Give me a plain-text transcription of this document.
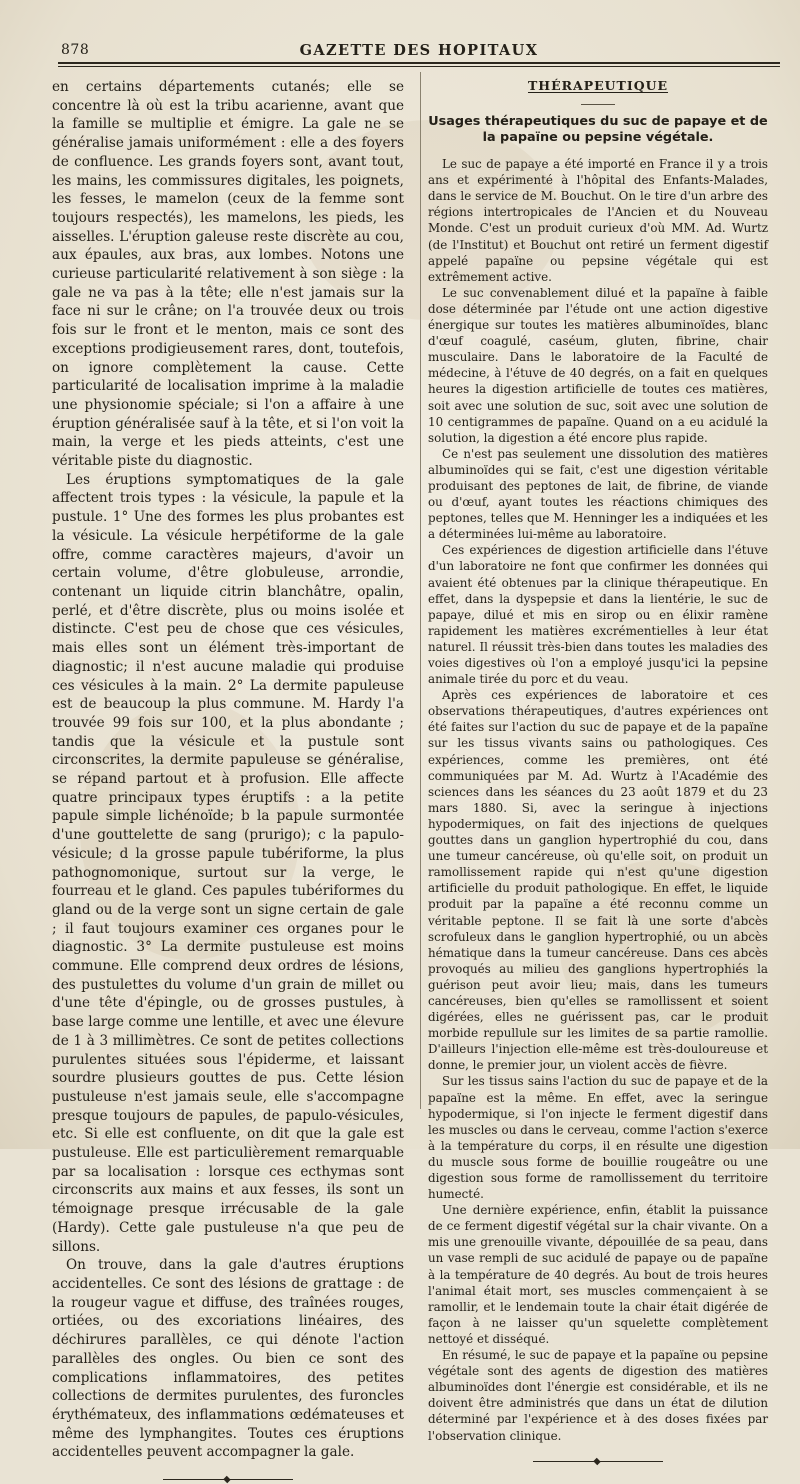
878	GAZETTE DES HOPITAUX

en certains départements cutanés; elle se concentre là où est la tribu acarienne, avant que la famille se multiplie et émigre. La gale ne se généralise jamais uniformément : elle a des foyers de confluence. Les grands foyers sont, avant tout, les mains, les commissures digitales, les poignets, les fesses, le mamelon (ceux de la femme sont toujours respectés), les mamelons, les pieds, les aisselles. L'éruption galeuse reste discrète au cou, aux épaules, aux bras, aux lombes. Notons une curieuse particularité relativement à son siège : la gale ne va pas à la tête; elle n'est jamais sur la face ni sur le crâne; on l'a trouvée deux ou trois fois sur le front et le menton, mais ce sont des exceptions prodigieusement rares, dont, toutefois, on ignore complètement la cause. Cette particularité de localisation imprime à la maladie une physionomie spéciale; si l'on a affaire à une éruption généralisée sauf à la tête, et si l'on voit la main, la verge et les pieds atteints, c'est une véritable piste du diagnostic.

Les éruptions symptomatiques de la gale affectent trois types : la vésicule, la papule et la pustule. 1° Une des formes les plus probantes est la vésicule. La vésicule herpétiforme de la gale offre, comme caractères majeurs, d'avoir un certain volume, d'être globuleuse, arrondie, contenant un liquide citrin blanchâtre, opalin, perlé, et d'être discrète, plus ou moins isolée et distincte. C'est peu de chose que ces vésicules, mais elles sont un élément très-important de diagnostic; il n'est aucune maladie qui produise ces vésicules à la main. 2° La dermite papuleuse est de beaucoup la plus commune. M. Hardy l'a trouvée 99 fois sur 100, et la plus abondante ; tandis que la vésicule et la pustule sont circonscrites, la dermite papuleuse se généralise, se répand partout et à profusion. Elle affecte quatre principaux types éruptifs : a la petite papule simple lichénoïde; b la papule surmontée d'une gouttelette de sang (prurigo); c la papulo-vésicule; d la grosse papule tubériforme, la plus pathognomonique, surtout sur la verge, le fourreau et le gland. Ces papules tubériformes du gland ou de la verge sont un signe certain de gale ; il faut toujours examiner ces organes pour le diagnostic. 3° La dermite pustuleuse est moins commune. Elle comprend deux ordres de lésions, des pustulettes du volume d'un grain de millet ou d'une tête d'épingle, ou de grosses pustules, à base large comme une lentille, et avec une élevure de 1 à 3 millimètres. Ce sont de petites collections purulentes situées sous l'épiderme, et laissant sourdre plusieurs gouttes de pus. Cette lésion pustuleuse n'est jamais seule, elle s'accompagne presque toujours de papules, de papulo-vésicules, etc. Si elle est confluente, on dit que la gale est pustuleuse. Elle est particulièrement remarquable par sa localisation : lorsque ces ecthymas sont circonscrits aux mains et aux fesses, ils sont un témoignage presque irrécusable de la gale (Hardy). Cette gale pustuleuse n'a que peu de sillons.

On trouve, dans la gale d'autres éruptions accidentelles. Ce sont des lésions de grattage : de la rougeur vague et diffuse, des traînées rouges, ortiées, ou des excoriations linéaires, des déchirures parallèles, ce qui dénote l'action parallèles des ongles. Ou bien ce sont des complications inflammatoires, des petites collections de dermites purulentes, des furoncles érythémateux, des inflammations œdémateuses et même des lymphangites. Toutes ces éruptions accidentelles peuvent accompagner la gale.

THÉRAPEUTIQUE
Usages thérapeutiques du suc de papaye et de la papaïne ou pepsine végétale.

Le suc de papaye a été importé en France il y a trois ans et expérimenté à l'hôpital des Enfants-Malades, dans le service de M. Bouchut. On le tire d'un arbre des régions intertropicales de l'Ancien et du Nouveau Monde. C'est un produit curieux d'où MM. Ad. Wurtz (de l'Institut) et Bouchut ont retiré un ferment digestif appelé papaïne ou pepsine végétale qui est extrêmement active.

Le suc convenablement dilué et la papaïne à faible dose déterminée par l'étude ont une action digestive énergique sur toutes les matières albuminoïdes, blanc d'œuf coagulé, caséum, gluten, fibrine, chair musculaire. Dans le laboratoire de la Faculté de médecine, à l'étuve de 40 degrés, on a fait en quelques heures la digestion artificielle de toutes ces matières, soit avec une solution de suc, soit avec une solution de 10 centigrammes de papaïne. Quand on a eu acidulé la solution, la digestion a été encore plus rapide.

Ce n'est pas seulement une dissolution des matières albuminoïdes qui se fait, c'est une digestion véritable produisant des peptones de lait, de fibrine, de viande ou d'œuf, ayant toutes les réactions chimiques des peptones, telles que M. Henninger les a indiquées et les a déterminées lui-même au laboratoire.

Ces expériences de digestion artificielle dans l'étuve d'un laboratoire ne font que confirmer les données qui avaient été obtenues par la clinique thérapeutique. En effet, dans la dyspepsie et dans la lientérie, le suc de papaye, dilué et mis en sirop ou en élixir ramène rapidement les matières excrémentielles à leur état naturel. Il réussit très-bien dans toutes les maladies des voies digestives où l'on a employé jusqu'ici la pepsine animale tirée du porc et du veau.

Après ces expériences de laboratoire et ces observations thérapeutiques, d'autres expériences ont été faites sur l'action du suc de papaye et de la papaïne sur les tissus vivants sains ou pathologiques. Ces expériences, comme les premières, ont été communiquées par M. Ad. Wurtz à l'Académie des sciences dans les séances du 23 août 1879 et du 23 mars 1880. Si, avec la seringue à injections hypodermiques, on fait des injections de quelques gouttes dans un ganglion hypertrophié du cou, dans une tumeur cancéreuse, où qu'elle soit, on produit un ramollissement rapide qui n'est qu'une digestion artificielle du produit pathologique. En effet, le liquide produit par la papaïne a été reconnu comme un véritable peptone. Il se fait là une sorte d'abcès scrofuleux dans le ganglion hypertrophié, ou un abcès hématique dans la tumeur cancéreuse. Dans ces abcès provoqués au milieu des ganglions hypertrophiés la guérison peut avoir lieu; mais, dans les tumeurs cancéreuses, bien qu'elles se ramollissent et soient digérées, elles ne guérissent pas, car le produit morbide repullule sur les limites de sa partie ramollie. D'ailleurs l'injection elle-même est très-douloureuse et donne, le premier jour, un violent accès de fièvre.

Sur les tissus sains l'action du suc de papaye et de la papaïne est la même. En effet, avec la seringue hypodermique, si l'on injecte le ferment digestif dans les muscles ou dans le cerveau, comme l'action s'exerce à la température du corps, il en résulte une digestion du muscle sous forme de bouillie rougeâtre ou une digestion sous forme de ramollissement du territoire humecté.

Une dernière expérience, enfin, établit la puissance de ce ferment digestif végétal sur la chair vivante. On a mis une grenouille vivante, dépouillée de sa peau, dans un vase rempli de suc acidulé de papaye ou de papaïne à la température de 40 degrés. Au bout de trois heures l'animal était mort, ses muscles commençaient à se ramollir, et le lendemain toute la chair était digérée de façon à ne laisser qu'un squelette complètement nettoyé et disséqué.

En résumé, le suc de papaye et la papaïne ou pepsine végétale sont des agents de digestion des matières albuminoïdes dont l'énergie est considérable, et ils ne doivent être administrés que dans un état de dilution déterminé par l'expérience et à des doses fixées par l'observation clinique.
